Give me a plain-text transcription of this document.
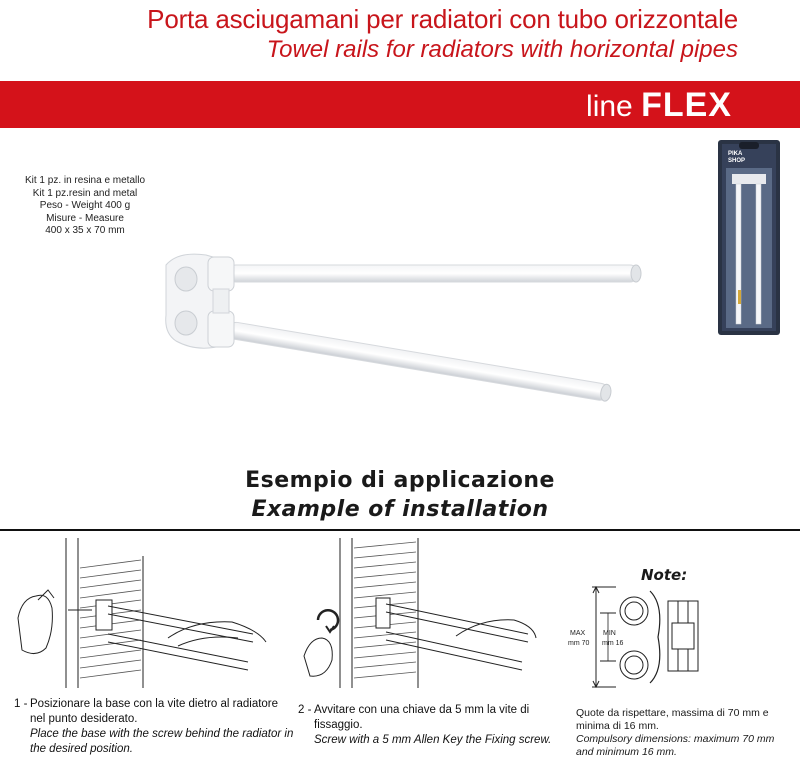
Porta asciugamani per radiatori con tubo orizzontale
Towel rails for radiators with horizontal pipes
line FLEX
Kit 1 pz. in resina e metallo
Kit 1 pz.resin and metal
Peso - Weight 400 g
Misure - Measure
400 x 35 x 70 mm
PIKA
SHOP
Esempio di applicazione
Example of installation
Note:
MAX
mm 70
MIN
mm 16
1 - Posizionare la base con la vite dietro al radiatore nel punto desiderato.
Place the base with the screw behind the radiator in the desired position.
2 - Avvitare con una chiave da 5 mm la vite di fissaggio.
Screw with a 5 mm Allen Key the Fixing screw.
Quote da rispettare, massima di 70 mm e minima di 16 mm.
Compulsory dimensions: maximum 70 mm and minimum 16 mm.
